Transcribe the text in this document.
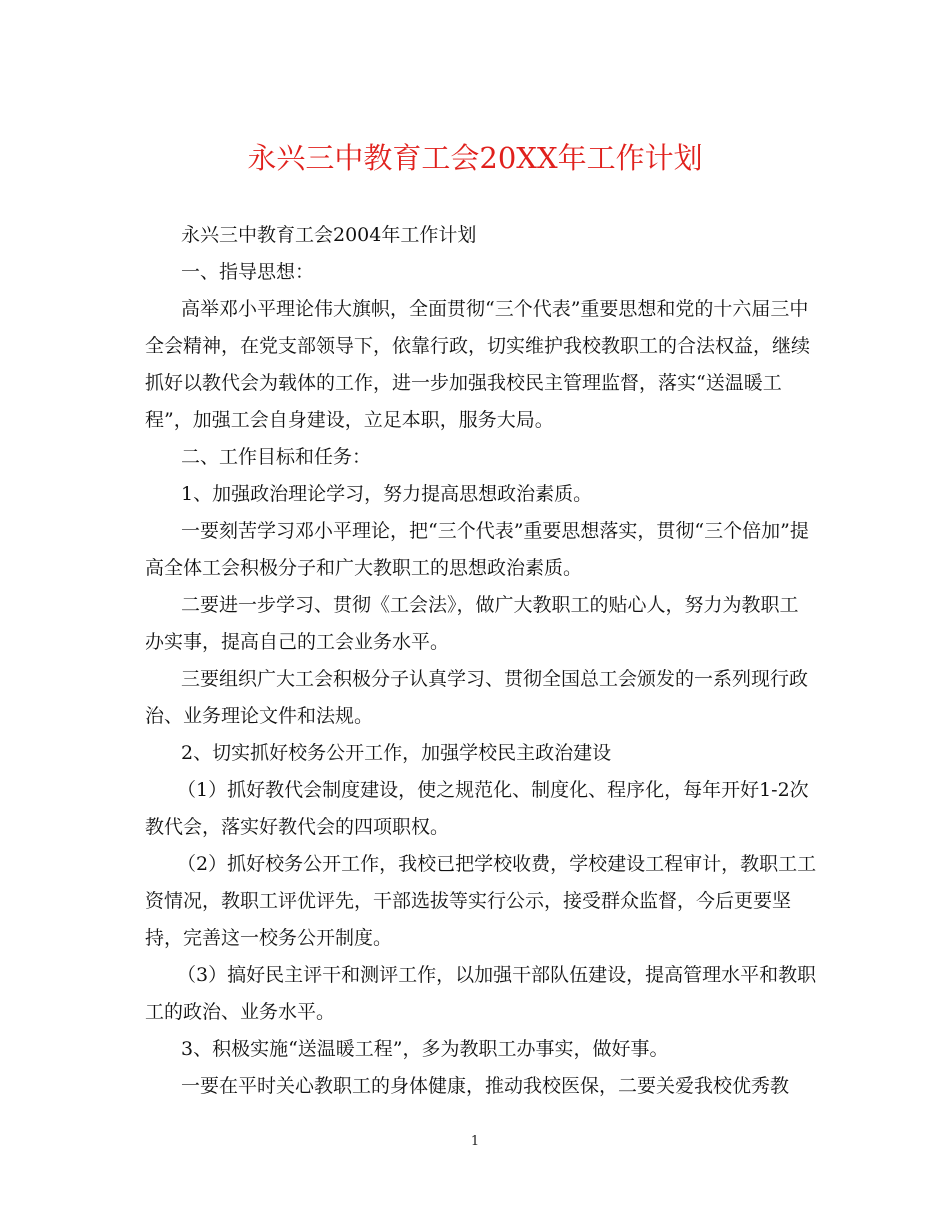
永兴三中教育工会20XX年工作计划
永兴三中教育工会2004年工作计划
一、指导思想：
高举邓小平理论伟大旗帜，全面贯彻“三个代表”重要思想和党的十六届三中
全会精神，在党支部领导下，依靠行政，切实维护我校教职工的合法权益，继续
抓好以教代会为载体的工作，进一步加强我校民主管理监督，落实“送温暖工
程”，加强工会自身建设，立足本职，服务大局。
二、工作目标和任务：
1、加强政治理论学习，努力提高思想政治素质。
一要刻苦学习邓小平理论，把“三个代表”重要思想落实，贯彻“三个倍加”提
高全体工会积极分子和广大教职工的思想政治素质。
二要进一步学习、贯彻《工会法》，做广大教职工的贴心人，努力为教职工
办实事，提高自己的工会业务水平。
三要组织广大工会积极分子认真学习、贯彻全国总工会颁发的一系列现行政
治、业务理论文件和法规。
2、切实抓好校务公开工作，加强学校民主政治建设
（1）抓好教代会制度建设，使之规范化、制度化、程序化，每年开好1-2次
教代会，落实好教代会的四项职权。
（2）抓好校务公开工作，我校已把学校收费，学校建设工程审计，教职工工
资情况，教职工评优评先，干部选拔等实行公示，接受群众监督，今后更要坚
持，完善这一校务公开制度。
（3）搞好民主评干和测评工作，以加强干部队伍建设，提高管理水平和教职
工的政治、业务水平。
3、积极实施“送温暖工程”，多为教职工办事实，做好事。
一要在平时关心教职工的身体健康，推动我校医保，二要关爱我校优秀教
1
